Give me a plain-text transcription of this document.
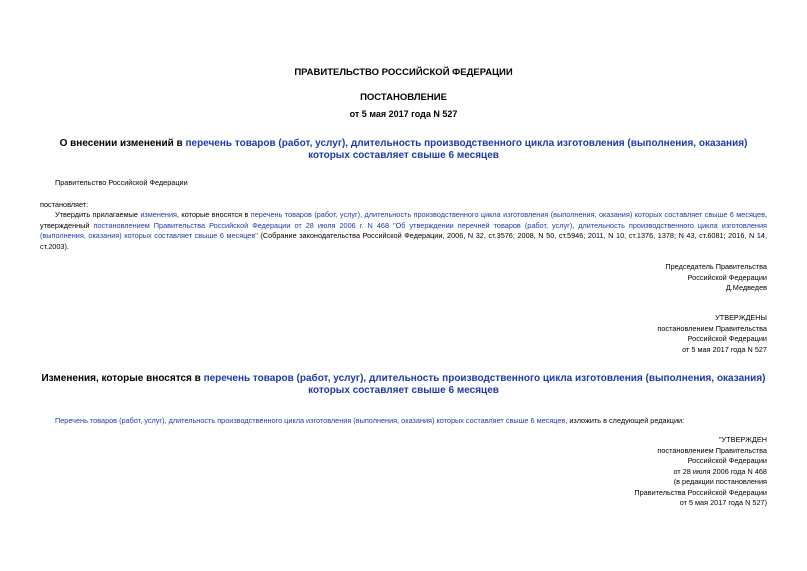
ПРАВИТЕЛЬСТВО РОССИЙСКОЙ ФЕДЕРАЦИИ
ПОСТАНОВЛЕНИЕ
от 5 мая 2017 года N 527
О внесении изменений в перечень товаров (работ, услуг), длительность производственного цикла изготовления (выполнения, оказания) которых составляет свыше 6 месяцев
Правительство Российской Федерации
постановляет:
Утвердить прилагаемые изменения, которые вносятся в перечень товаров (работ, услуг), длительность производственного цикла изготовления (выполнения, оказания) которых составляет свыше 6 месяцев, утвержденный постановлением Правительства Российской Федерации от 28 июля 2006 г. N 468 "Об утверждении перечней товаров (работ, услуг), длительность производственного цикла изготовления (выполнения, оказания) которых составляет свыше 6 месяцев" (Собрание законодательства Российской Федерации, 2006, N 32, ст.3576; 2008, N 50, ст.5946; 2011, N 10, ст.1376, 1378; N 43, ст.6081; 2016, N 14, ст.2003).
Председатель Правительства
Российской Федерации
Д.Медведев
УТВЕРЖДЕНЫ
постановлением Правительства
Российской Федерации
от 5 мая 2017 года N 527
Изменения, которые вносятся в перечень товаров (работ, услуг), длительность производственного цикла изготовления (выполнения, оказания) которых составляет свыше 6 месяцев
Перечень товаров (работ, услуг), длительность производственного цикла изготовления (выполнения, оказания) которых составляет свыше 6 месяцев, изложить в следующей редакции:
"УТВЕРЖДЕН
постановлением Правительства
Российской Федерации
от 28 июля 2006 года N 468
(в редакции постановления
Правительства Российской Федерации
от 5 мая 2017 года N 527)
